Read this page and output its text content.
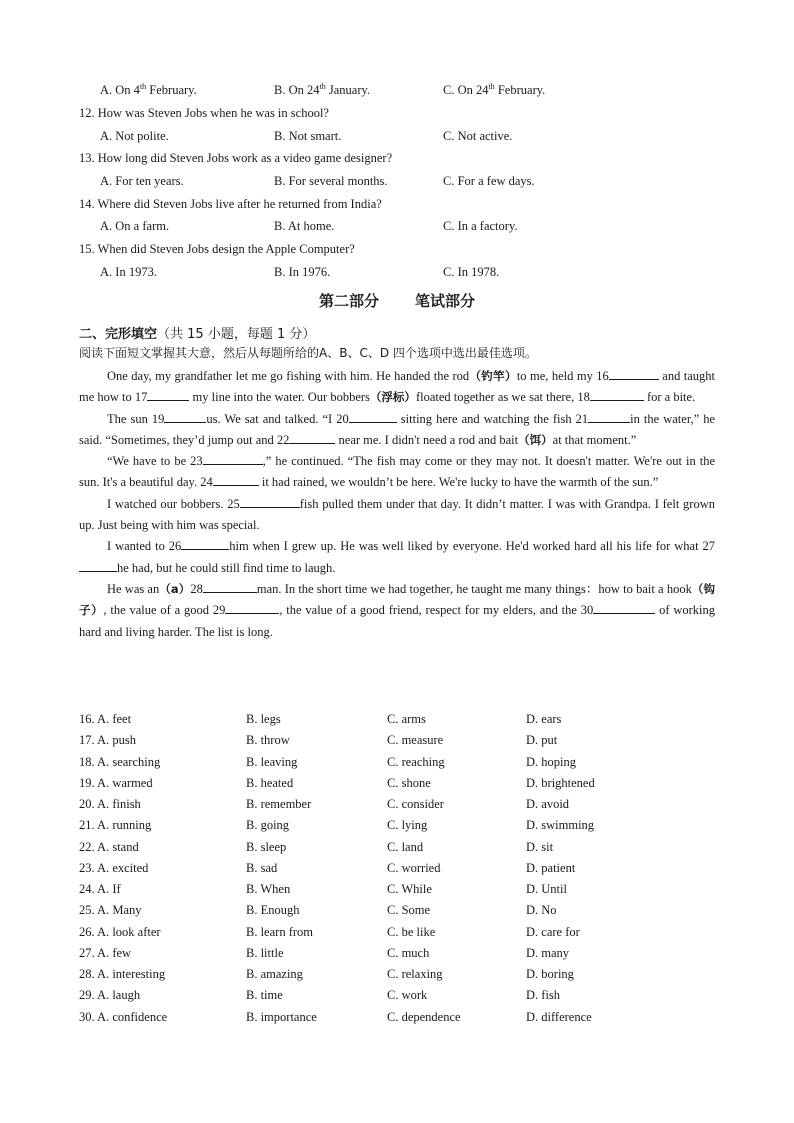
A. On 4th February.	B. On 24th January.	C. On 24th February.
12. How was Steven Jobs when he was in school?
A. Not polite.	B. Not smart.	C. Not active.
13. How long did Steven Jobs work as a video game designer?
A. For ten years.	B. For several months.	C. For a few days.
14. Where did Steven Jobs live after he returned from India?
A. On a farm.	B. At home.	C. In a factory.
15. When did Steven Jobs design the Apple Computer?
A. In 1973.	B. In 1976.	C. In 1978.
第二部分 笔试部分
二、完形填空（共 15 小题，每题 1 分）
阅读下面短文掌握其大意，然后从每题所给的A、B、C、D 四个选项中选出最佳选项。

One day, my grandfather let me go fishing with him. He handed the rod（钓竿）to me, held my 16	and taught me how to 17	my line into the water. Our bobbers（浮标）floated together as we sat there, 18	for a bite.

The sun 19	us. We sat and talked. “I 20	sitting here and watching the fish 21	in the water,” he said. “Sometimes, they’d jump out and 22	near me. I didn't need a rod and bait（饵）at that moment.”

“We have to be 23	,” he continued. “The fish may come or they may not. It doesn't matter. We're out in the sun. It's a beautiful day. 24	it had rained, we wouldn’t be here. We're lucky to have the warmth of the sun.”

I watched our bobbers. 25	fish pulled them under that day. It didn’t matter. I was with Grandpa. I felt grown up. Just being with him was special.

I wanted to 26	him when I grew up. He was well liked by everyone. He'd worked hard all his life for what 27he had, but he could still find time to laugh.

He was an（a）28	man. In the short time we had together, he taught me many things：how to bait a hook（钩子）, the value of a good 29	, the value of a good friend, respect for my elders, and the 30	of working hard and living harder. The list is long.

16. A. feet	B. legs	C. arms	D. ears
17. A. push	B. throw	C. measure	D. put
18. A. searching	B. leaving	C. reaching	D. hoping
19. A. warmed	B. heated	C. shone	D. brightened
20. A. finish	B. remember	C. consider	D. avoid
21. A. running	B. going	C. lying	D. swimming
22. A. stand	B. sleep	C. land	D. sit
23. A. excited	B. sad	C. worried	D. patient
24. A. If	B. When	C. While	D. Until
25. A. Many	B. Enough	C. Some	D. No
26. A. look after	B. learn from	C. be like	D. care for
27. A. few	B. little	C. much	D. many
28. A. interesting	B. amazing	C. relaxing	D. boring
29. A. laugh	B. time	C. work	D. fish
30. A. confidence	B. importance	C. dependence	D. difference
